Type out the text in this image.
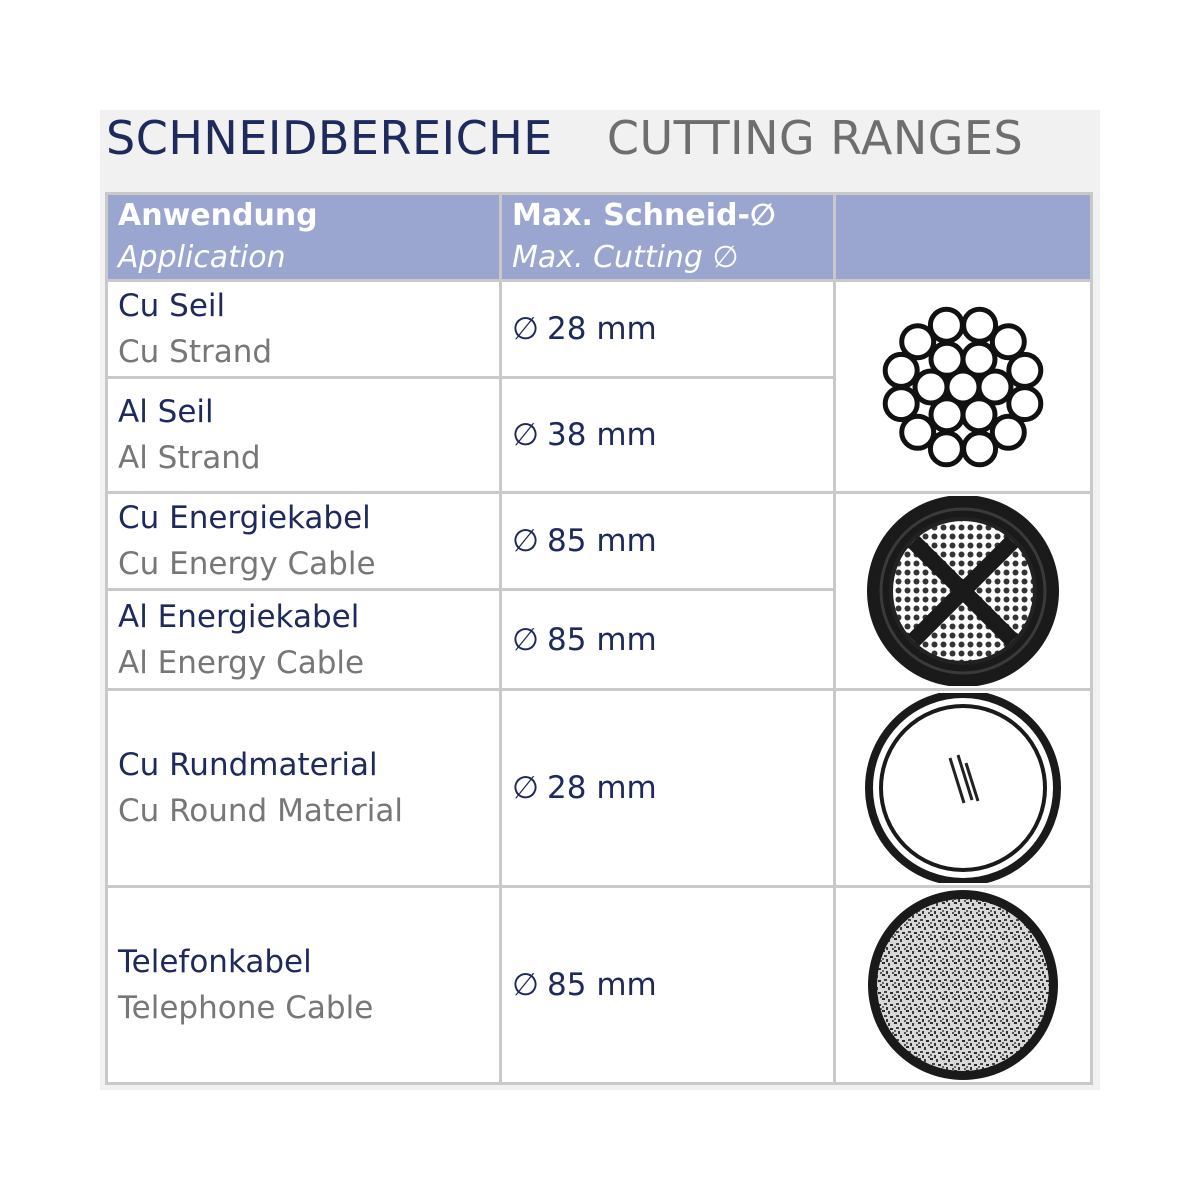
SCHNEIDBEREICHE CUTTING RANGES
Anwendung
Application	Max. Schneid-∅
Max. Cutting ∅	

Cu Seil
Cu Strand	∅ 28 mm	

Al Seil
Al Strand	∅ 38 mm	

Cu Energiekabel
Cu Energy Cable	∅ 85 mm	

Al Energiekabel
Al Energy Cable	∅ 85 mm	

Cu Rundmaterial
Cu Round Material	∅ 28 mm	

Telefonkabel
Telephone Cable	∅ 85 mm	
